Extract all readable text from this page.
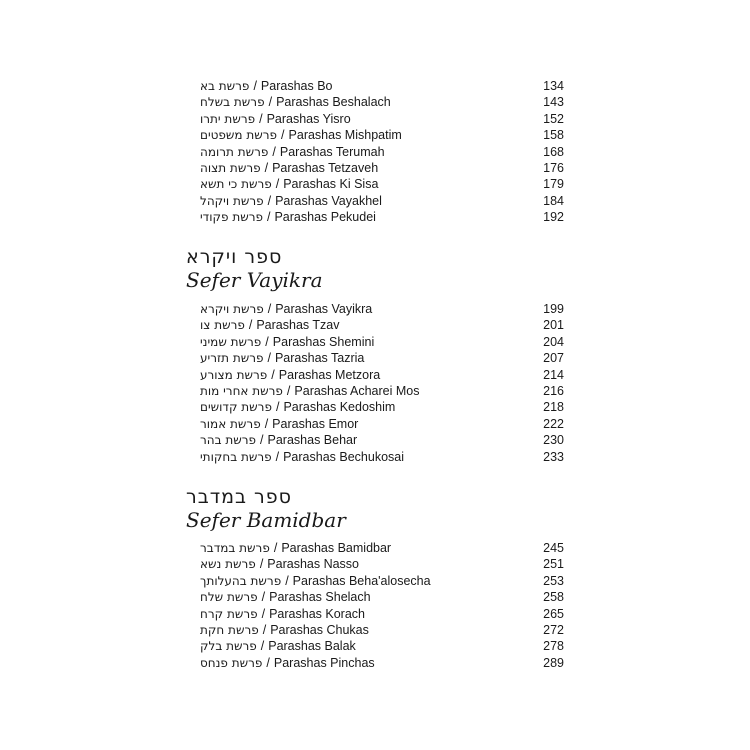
פרשת בא / Parashas Bo	134
פרשת בשלח / Parashas Beshalach	143
פרשת יתרו / Parashas Yisro	152
פרשת משפטים / Parashas Mishpatim	158
פרשת תרומה / Parashas Terumah	168
פרשת תצוה / Parashas Tetzaveh	176
פרשת כי תשא / Parashas Ki Sisa	179
פרשת ויקהל / Parashas Vayakhel	184
פרשת פקודי / Parashas Pekudei	192
ספר ויקרא
Sefer Vayikra
פרשת ויקרא / Parashas Vayikra	199
פרשת צו / Parashas Tzav	201
פרשת שמיני / Parashas Shemini	204
פרשת תזריע / Parashas Tazria	207
פרשת מצורע / Parashas Metzora	214
פרשת אחרי מות / Parashas Acharei Mos	216
פרשת קדושים / Parashas Kedoshim	218
פרשת אמור / Parashas Emor	222
פרשת בהר / Parashas Behar	230
פרשת בחקותי / Parashas Bechukosai	233
ספר במדבר
Sefer Bamidbar
פרשת במדבר / Parashas Bamidbar	245
פרשת נשא / Parashas Nasso	251
פרשת בהעלותך / Parashas Beha'alosecha	253
פרשת שלח / Parashas Shelach	258
פרשת קרח / Parashas Korach	265
פרשת חקת / Parashas Chukas	272
פרשת בלק / Parashas Balak	278
פרשת פנחס / Parashas Pinchas	289
